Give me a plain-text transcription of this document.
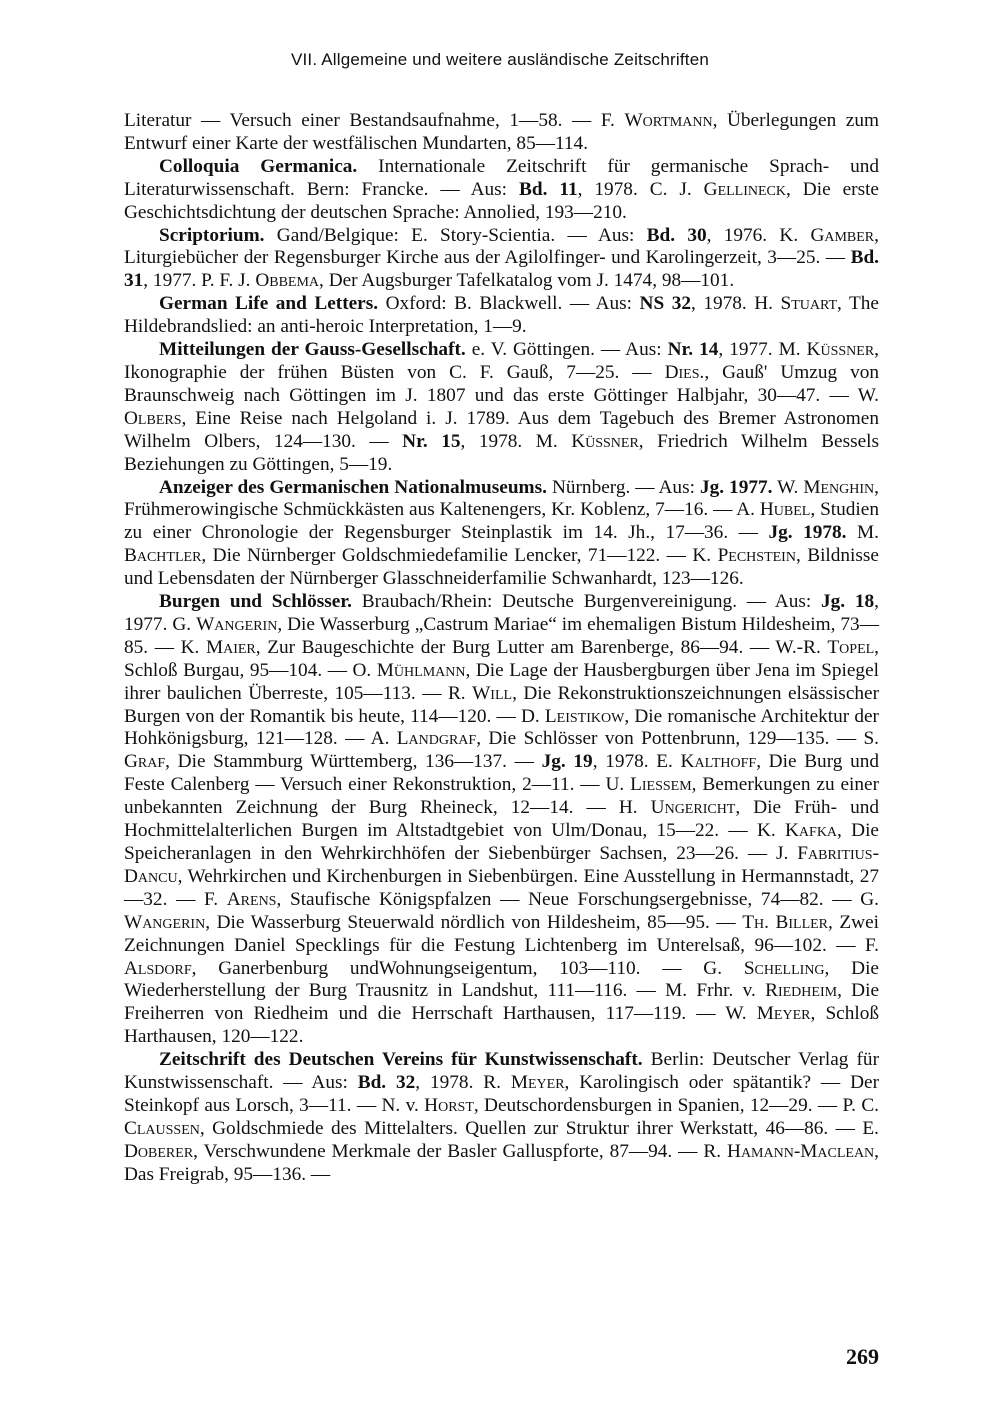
VII. Allgemeine und weitere ausländische Zeitschriften

Literatur — Versuch einer Bestandsaufnahme, 1—58. — F. Wortmann, Überlegungen zum Entwurf einer Karte der westfälischen Mundarten, 85—114.

Colloquia Germanica. Internationale Zeitschrift für germanische Sprach- und Literaturwissenschaft. Bern: Francke. — Aus: Bd. 11, 1978. C. J. Gellineck, Die erste Geschichtsdichtung der deutschen Sprache: Annolied, 193—210.

Scriptorium. Gand/Belgique: E. Story-Scientia. — Aus: Bd. 30, 1976. K. Gamber, Liturgiebücher der Regensburger Kirche aus der Agilolfinger- und Karolingerzeit, 3—25. — Bd. 31, 1977. P. F. J. Obbema, Der Augsburger Tafelkatalog vom J. 1474, 98—101.

German Life and Letters. Oxford: B. Blackwell. — Aus: NS 32, 1978. H. Stuart, The Hildebrandslied: an anti-heroic Interpretation, 1—9.

Mitteilungen der Gauss-Gesellschaft. e. V. Göttingen. — Aus: Nr. 14, 1977. M. Küssner, Ikonographie der frühen Büsten von C. F. Gauß, 7—25. — Dies., Gauß' Umzug von Braunschweig nach Göttingen im J. 1807 und das erste Göttinger Halbjahr, 30—47. — W. Olbers, Eine Reise nach Helgoland i. J. 1789. Aus dem Tagebuch des Bremer Astronomen Wilhelm Olbers, 124—130. — Nr. 15, 1978. M. Küssner, Friedrich Wilhelm Bessels Beziehungen zu Göttingen, 5—19.

Anzeiger des Germanischen Nationalmuseums. Nürnberg. — Aus: Jg. 1977. W. Menghin, Frühmerowingische Schmückkästen aus Kaltenengers, Kr. Koblenz, 7—16. — A. Hubel, Studien zu einer Chronologie der Regensburger Steinplastik im 14. Jh., 17—36. — Jg. 1978. M. Bachtler, Die Nürnberger Goldschmiedefamilie Lencker, 71—122. — K. Pechstein, Bildnisse und Lebensdaten der Nürnberger Glasschneiderfamilie Schwanhardt, 123—126.

Burgen und Schlösser. Braubach/Rhein: Deutsche Burgenvereinigung. — Aus: Jg. 18, 1977. G. Wangerin, Die Wasserburg „Castrum Mariae“ im ehemaligen Bistum Hildesheim, 73—85. — K. Maier, Zur Baugeschichte der Burg Lutter am Barenberge, 86—94. — W.-R. Topel, Schloß Burgau, 95—104. — O. Mühlmann, Die Lage der Hausbergburgen über Jena im Spiegel ihrer baulichen Überreste, 105—113. — R. Will, Die Rekonstruktionszeichnungen elsässischer Burgen von der Romantik bis heute, 114—120. — D. Leistikow, Die romanische Architektur der Hohkönigsburg, 121—128. — A. Landgraf, Die Schlösser von Pottenbrunn, 129—135. — S. Graf, Die Stammburg Württemberg, 136—137. — Jg. 19, 1978. E. Kalthoff, Die Burg und Feste Calenberg — Versuch einer Rekonstruktion, 2—11. — U. Liessem, Bemerkungen zu einer unbekannten Zeichnung der Burg Rheineck, 12—14. — H. Ungericht, Die Früh- und Hochmittelalterlichen Burgen im Altstadtgebiet von Ulm/Donau, 15—22. — K. Kafka, Die Speicheranlagen in den Wehrkirchhöfen der Siebenbürger Sachsen, 23—26. — J. Fabritius-Dancu, Wehrkirchen und Kirchenburgen in Siebenbürgen. Eine Ausstellung in Hermannstadt, 27—32. — F. Arens, Staufische Königspfalzen — Neue Forschungsergebnisse, 74—82. — G. Wangerin, Die Wasserburg Steuerwald nördlich von Hildesheim, 85—95. — Th. Biller, Zwei Zeichnungen Daniel Specklings für die Festung Lichtenberg im Unterelsaß, 96—102. — F. Alsdorf, Ganerbenburg undWohnungseigentum, 103—110. — G. Schelling, Die Wiederherstellung der Burg Trausnitz in Landshut, 111—116. — M. Frhr. v. Riedheim, Die Freiherren von Riedheim und die Herrschaft Harthausen, 117—119. — W. Meyer, Schloß Harthausen, 120—122.

Zeitschrift des Deutschen Vereins für Kunstwissenschaft. Berlin: Deutscher Verlag für Kunstwissenschaft. — Aus: Bd. 32, 1978. R. Meyer, Karolingisch oder spätantik? — Der Steinkopf aus Lorsch, 3—11. — N. v. Horst, Deutschordensburgen in Spanien, 12—29. — P. C. Claussen, Goldschmiede des Mittelalters. Quellen zur Struktur ihrer Werkstatt, 46—86. — E. Doberer, Verschwundene Merkmale der Basler Galluspforte, 87—94. — R. Hamann-Maclean, Das Freigrab, 95—136. —

269
